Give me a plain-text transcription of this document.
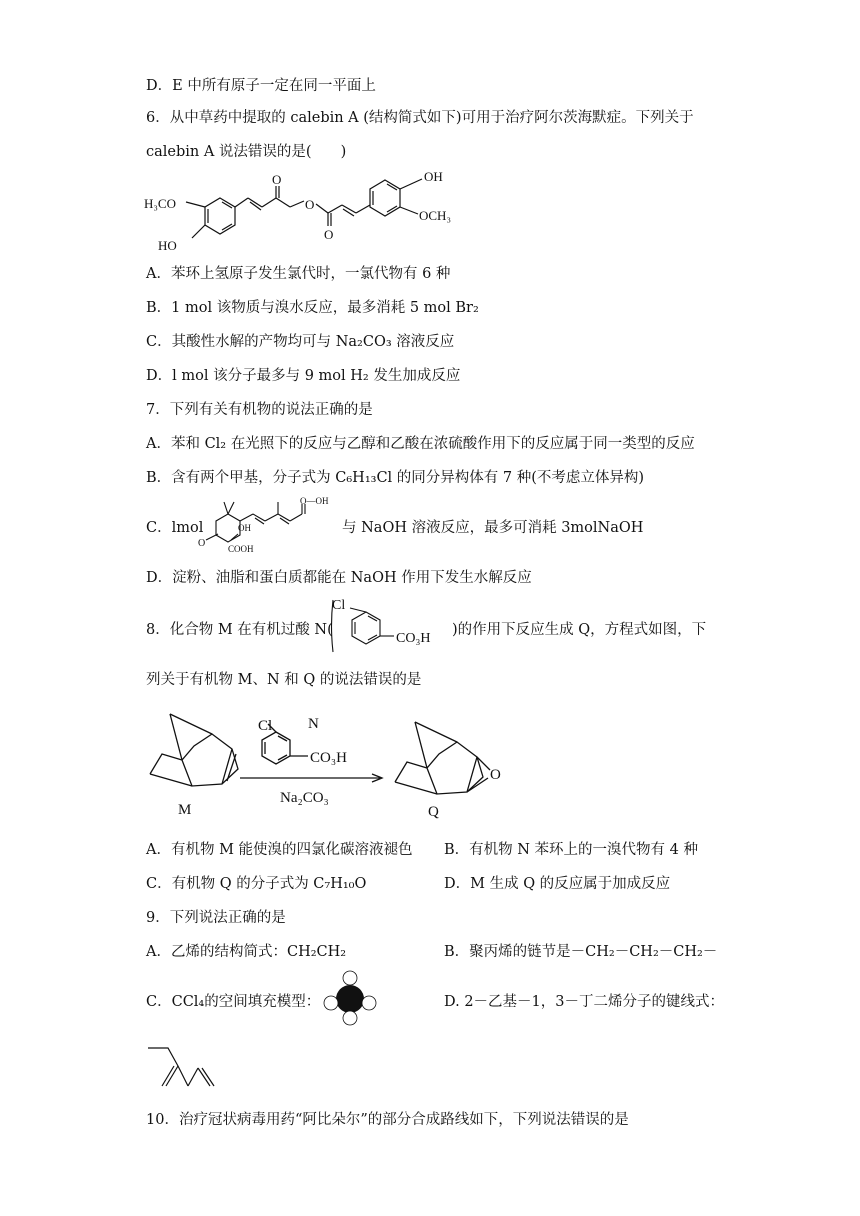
D．E 中所有原子一定在同一平面上
6．从中草药中提取的 calebin A (结构简式如下)可用于治疗阿尔茨海默症。下列关于
calebin A 说法错误的是(　　)
H₃CO
HO
O
O
O
OH
OCH₃
A．苯环上氢原子发生氯代时，一氯代物有 6 种
B．1 mol 该物质与溴水反应，最多消耗 5 mol Br₂
C．其酸性水解的产物均可与 Na₂CO₃ 溶液反应
D．l mol 该分子最多与 9 mol H₂ 发生加成反应
7．下列有关有机物的说法正确的是
A．苯和 Cl₂ 在光照下的反应与乙醇和乙酸在浓硫酸作用下的反应属于同一类型的反应
B．含有两个甲基，分子式为 C₆H₁₃Cl 的同分异构体有 7 种(不考虑立体异构)
C．lmol
O
OH
COOH
O—OH
与 NaOH 溶液反应，最多可消耗 3molNaOH
D．淀粉、油脂和蛋白质都能在 NaOH 作用下发生水解反应
8．化合物 M 在有机过酸 N(
Cl
CO₃H
)的作用下反应生成 Q，方程式如图，下
列关于有机物 M、N 和 Q 的说法错误的是
M
Cl N
CO₃H
Na₂CO₃
O
Q
A．有机物 M 能使溴的四氯化碳溶液褪色 B．有机物 N 苯环上的一溴代物有 4 种
C．有机物 Q 的分子式为 C₇H₁₀O	D．M 生成 Q 的反应属于加成反应
9．下列说法正确的是
A．乙烯的结构简式：CH₂CH₂	B．聚丙烯的链节是－CH₂－CH₂－CH₂－
C．CCl₄的空间填充模型：	D. 2－乙基－1，3－丁二烯分子的键线式：
10．治疗冠状病毒用药“阿比朵尔”的部分合成路线如下，下列说法错误的是
